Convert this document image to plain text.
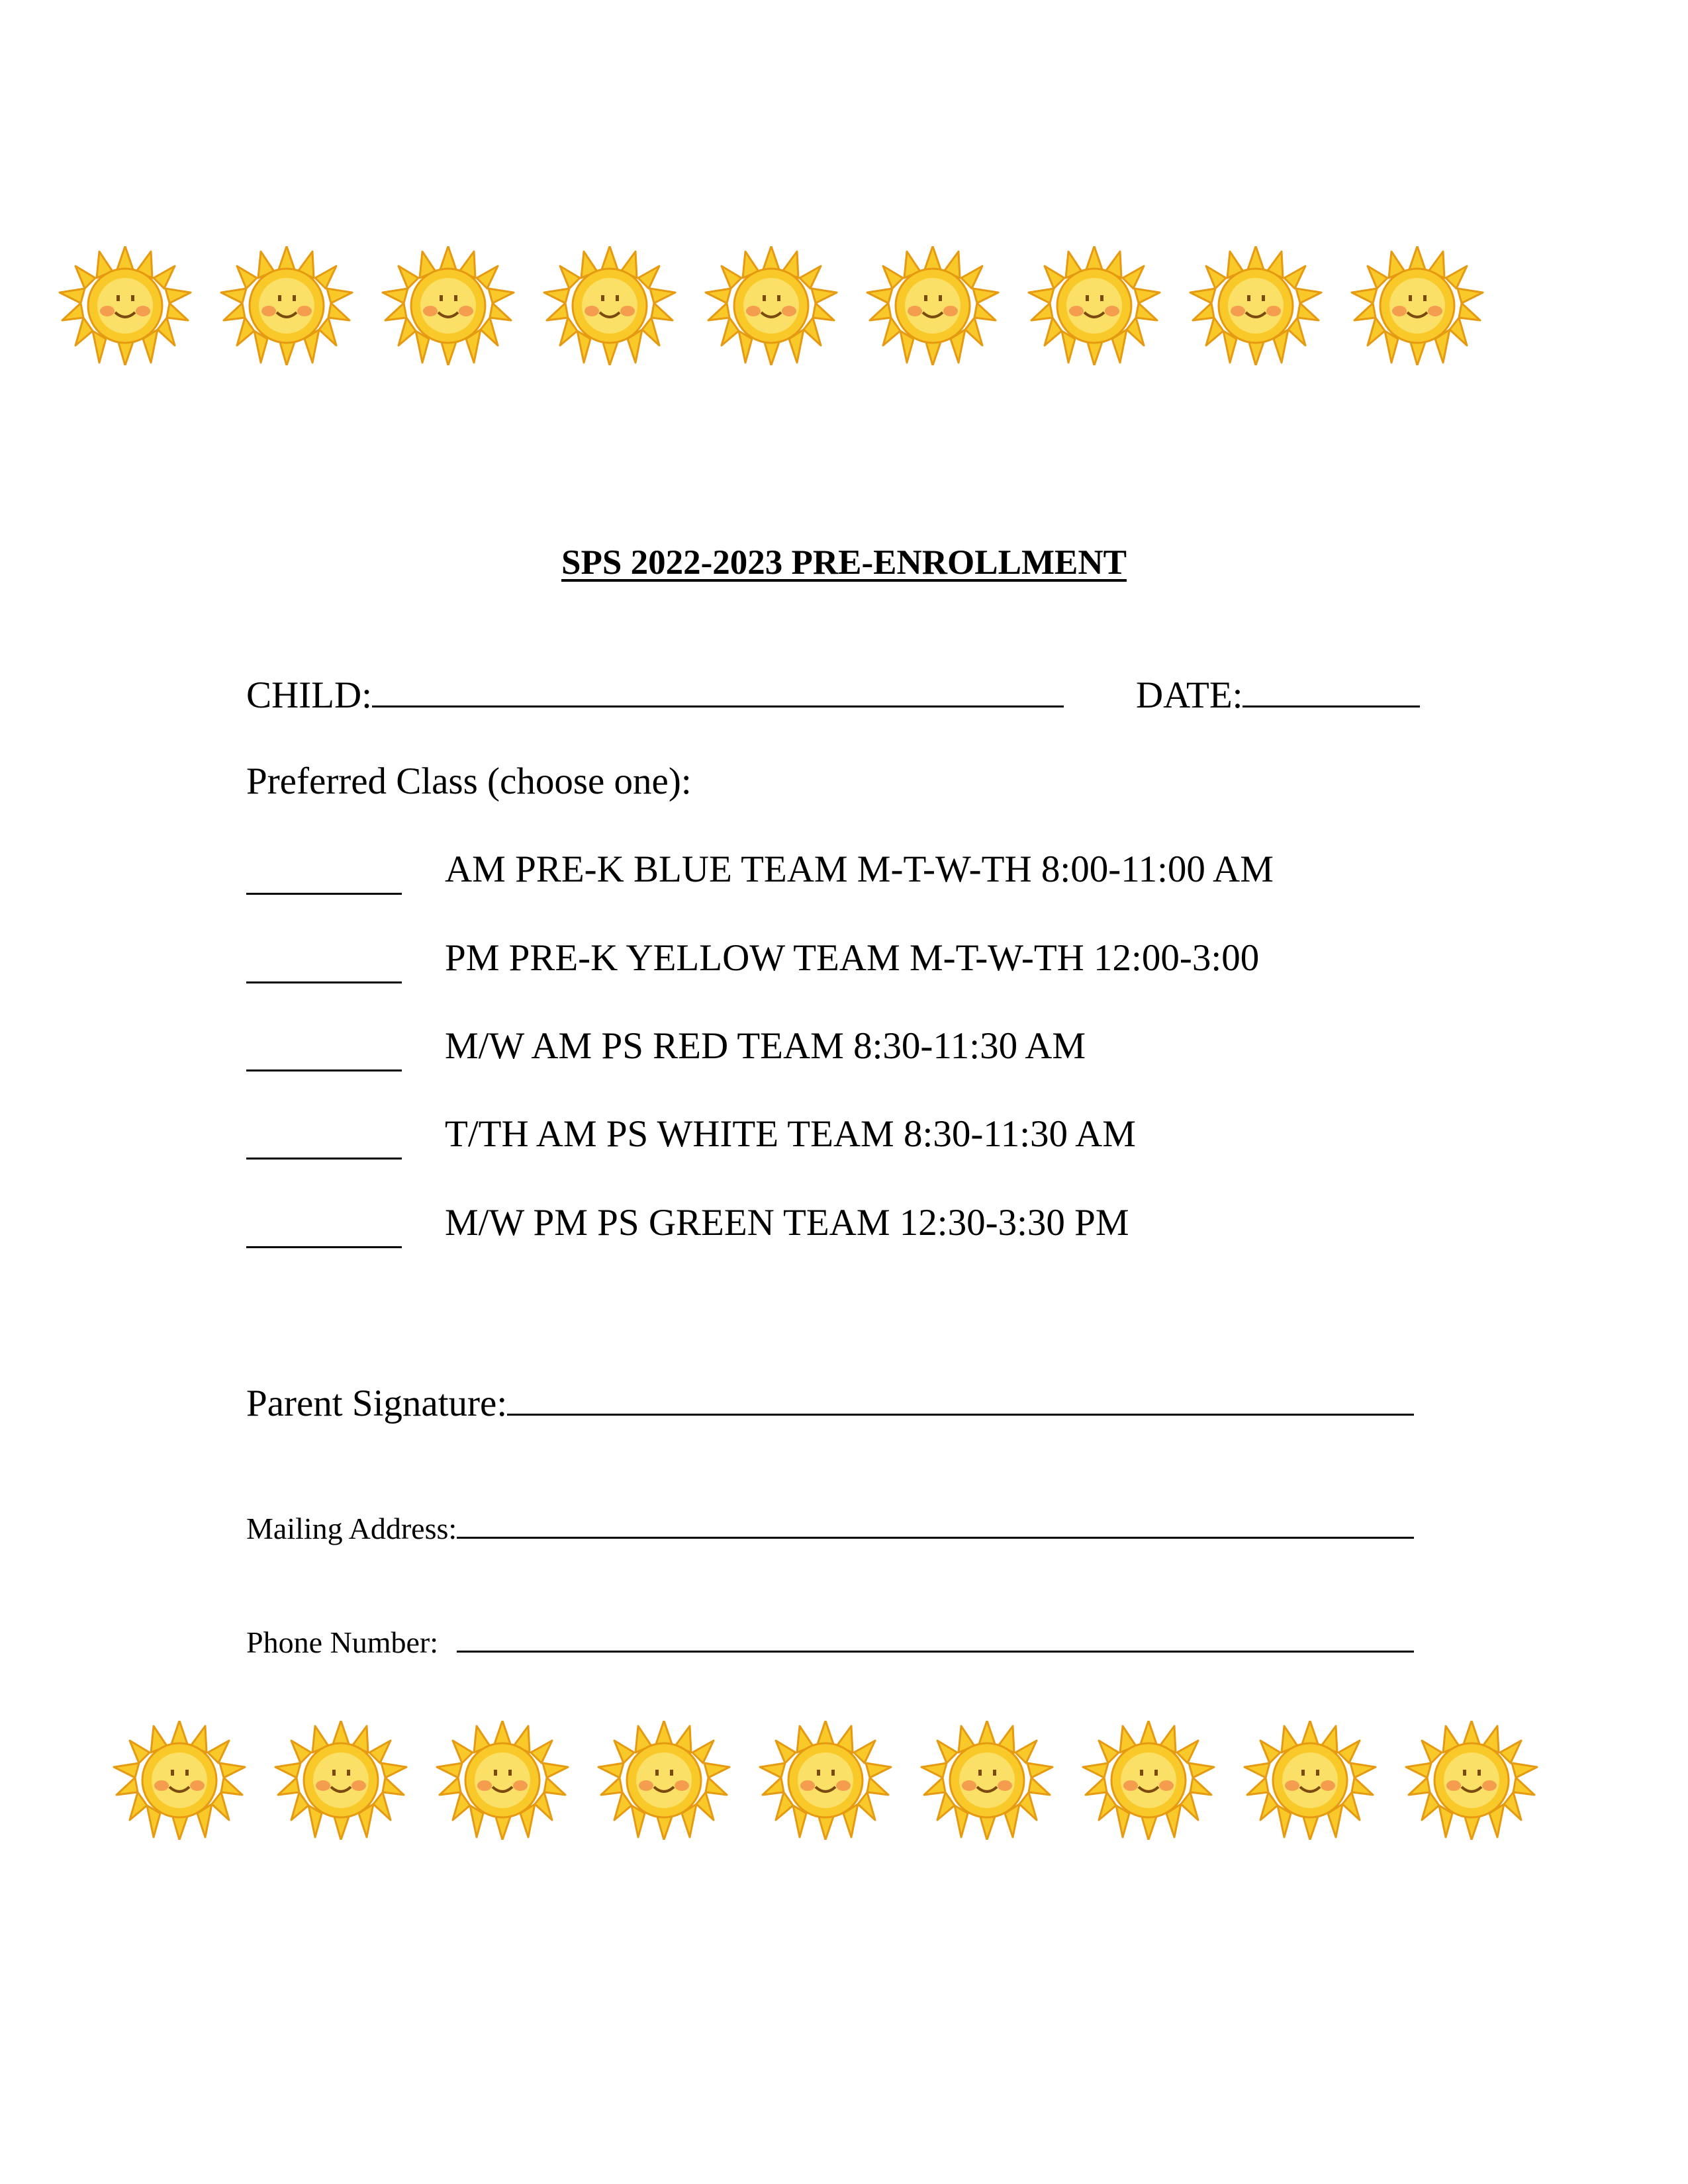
SPS 2022-2023 PRE-ENROLLMENT
CHILD:	DATE:
Preferred Class (choose one):
AM PRE-K BLUE TEAM M-T-W-TH 8:00-11:00 AM
PM PRE-K YELLOW TEAM M-T-W-TH 12:00-3:00
M/W AM PS RED TEAM 8:30-11:30 AM
T/TH AM PS WHITE TEAM 8:30-11:30 AM
M/W PM PS GREEN TEAM 12:30-3:30 PM
Parent Signature:
Mailing Address:
Phone Number:
